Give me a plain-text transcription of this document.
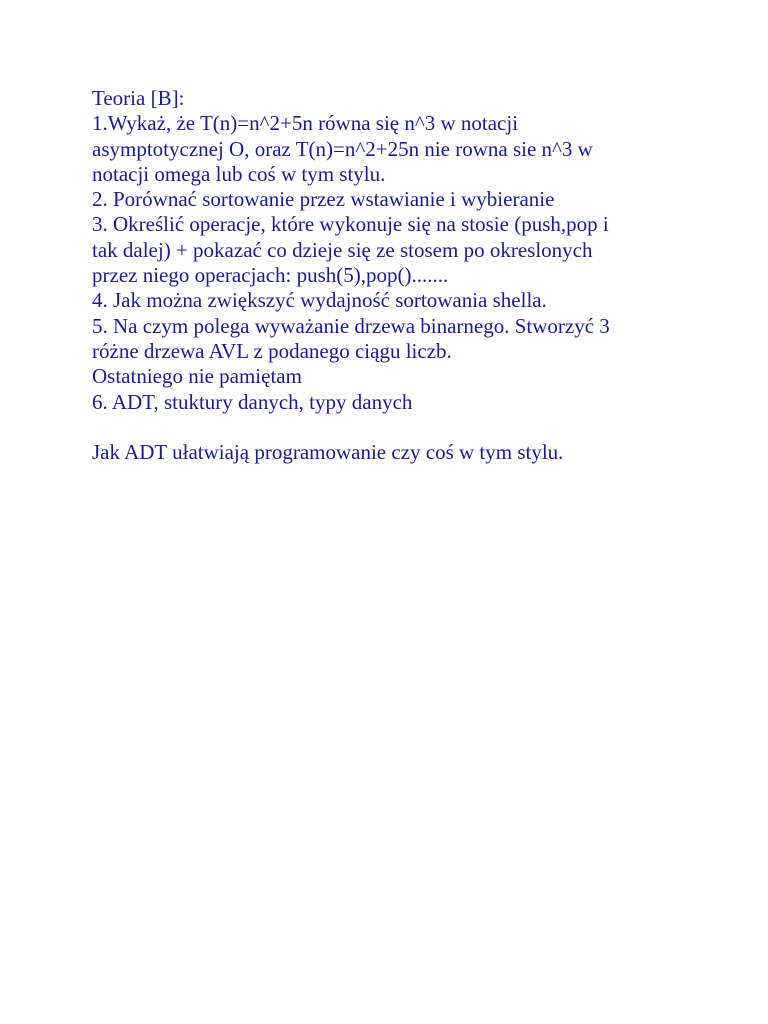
Teoria [B]:
1.Wykaż, że T(n)=n^2+5n równa się n^3 w notacji
asymptotycznej O, oraz T(n)=n^2+25n nie rowna sie n^3 w
notacji omega lub coś w tym stylu.
2. Porównać sortowanie przez wstawianie i wybieranie
3. Określić operacje, które wykonuje się na stosie (push,pop i
tak dalej) + pokazać co dzieje się ze stosem po okreslonych
przez niego operacjach: push(5),pop().......
4. Jak można zwiększyć wydajność sortowania shella.
5. Na czym polega wyważanie drzewa binarnego. Stworzyć 3
różne drzewa AVL z podanego ciągu liczb.
Ostatniego nie pamiętam
6. ADT, stuktury danych, typy danych
Jak ADT ułatwiają programowanie czy coś w tym stylu.
